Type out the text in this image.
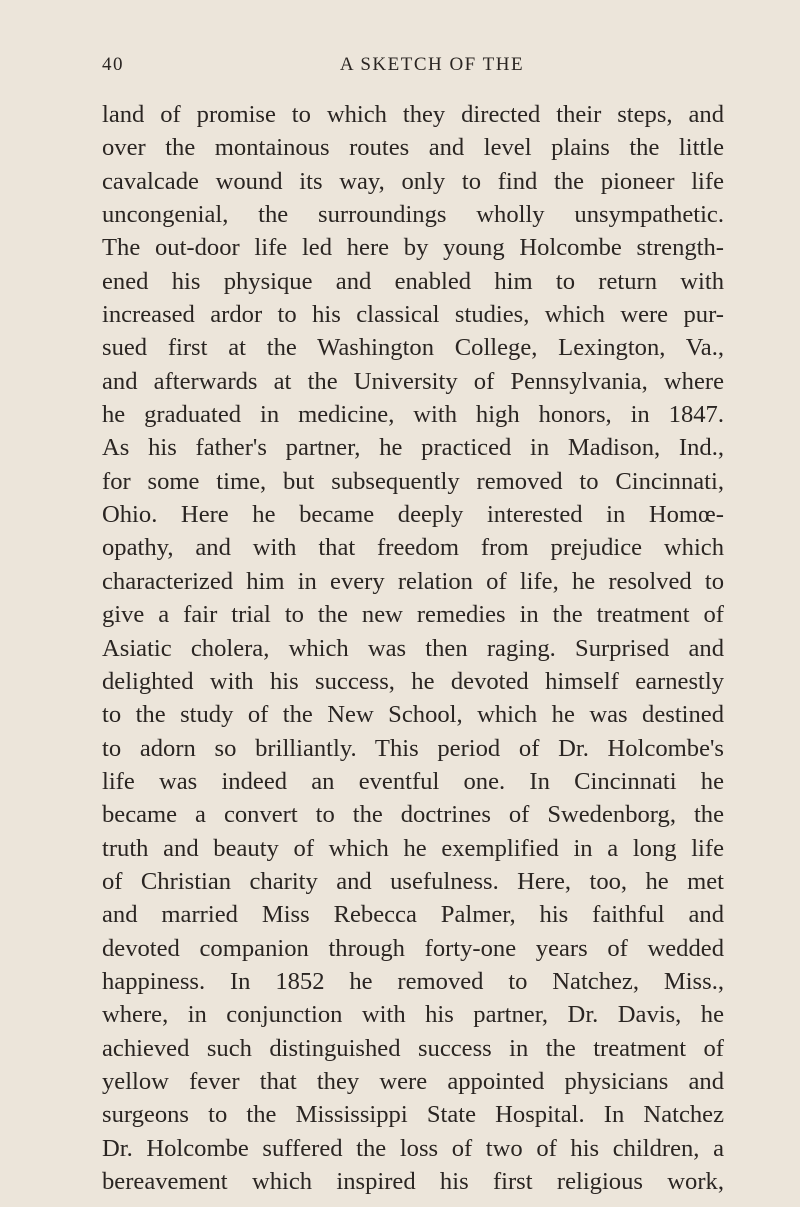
40	A SKETCH OF THE
land of promise to which they directed their steps, and
over the montainous routes and level plains the little
cavalcade wound its way, only to find the pioneer life
uncongenial, the surroundings wholly unsympathetic.
The out-door life led here by young Holcombe strength-
ened his physique and enabled him to return with
increased ardor to his classical studies, which were pur-
sued first at the Washington College, Lexington, Va.,
and afterwards at the University of Pennsylvania, where
he graduated in medicine, with high honors, in 1847.
As his father's partner, he practiced in Madison, Ind.,
for some time, but subsequently removed to Cincinnati,
Ohio. Here he became deeply interested in Homœ-
opathy, and with that freedom from prejudice which
characterized him in every relation of life, he resolved to
give a fair trial to the new remedies in the treatment of
Asiatic cholera, which was then raging. Surprised and
delighted with his success, he devoted himself earnestly
to the study of the New School, which he was destined
to adorn so brilliantly. This period of Dr. Holcombe's
life was indeed an eventful one. In Cincinnati he
became a convert to the doctrines of Swedenborg, the
truth and beauty of which he exemplified in a long life
of Christian charity and usefulness. Here, too, he met
and married Miss Rebecca Palmer, his faithful and
devoted companion through forty-one years of wedded
happiness. In 1852 he removed to Natchez, Miss.,
where, in conjunction with his partner, Dr. Davis, he
achieved such distinguished success in the treatment of
yellow fever that they were appointed physicians and
surgeons to the Mississippi State Hospital. In Natchez
Dr. Holcombe suffered the loss of two of his children, a
bereavement which inspired his first religious work,
